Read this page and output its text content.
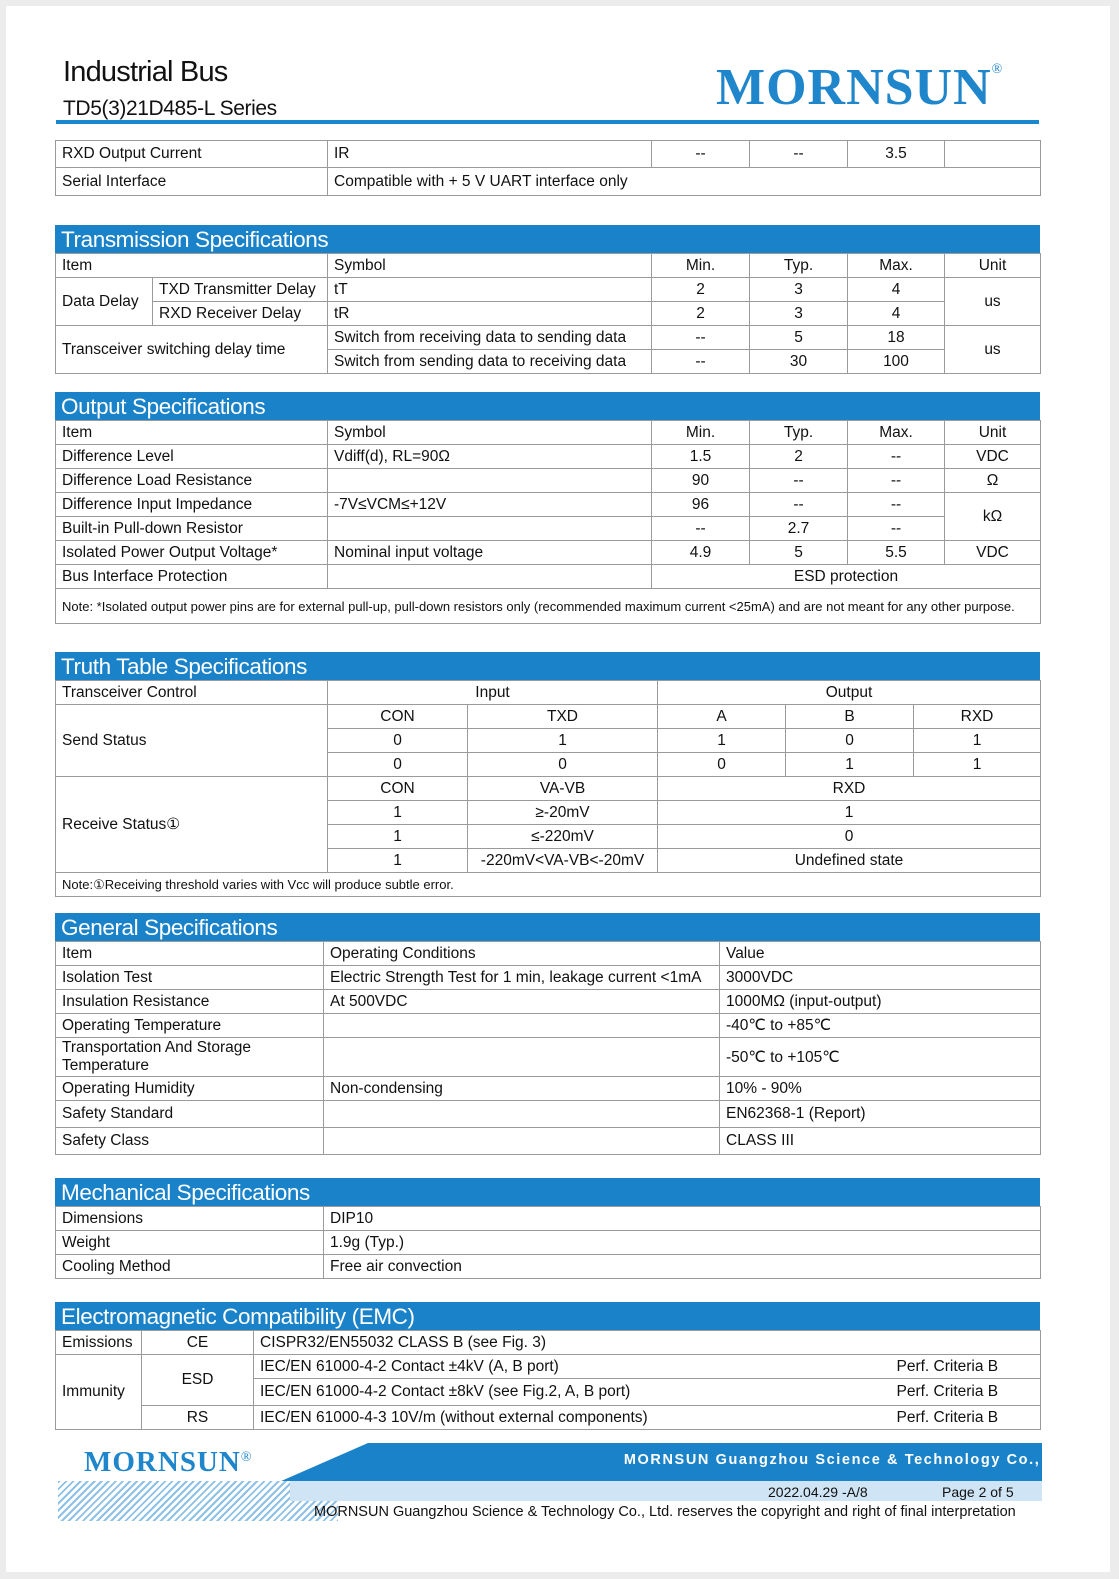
Industrial Bus
TD5(3)21D485-L Series	MORNSUN®
RXD Output Current	IR	--	--	3.5	
Serial Interface	Compatible with + 5 V UART interface only				
Transmission Specifications
Item		Symbol	Min.	Typ.	Max.	Unit
Data Delay	TXD Transmitter Delay	tT	2	3	4	us
	RXD Receiver Delay	tR	2	3	4	
Transceiver switching delay time		Switch from receiving data to sending data	--	5	18	us
		Switch from sending data to receiving data	--	30	100	
Output Specifications
Item	Symbol	Min.	Typ.	Max.	Unit
Difference Level	Vdiff(d), RL=90Ω	1.5	2	--	VDC
Difference Load Resistance		90	--	--	Ω
Difference Input Impedance	-7V≤VCM≤+12V	96	--	--	kΩ
Built-in Pull-down Resistor		--	2.7	--	
Isolated Power Output Voltage*	Nominal input voltage	4.9	5	5.5	VDC
Bus Interface Protection		ESD protection			
Note: *Isolated output power pins are for external pull-up, pull-down resistors only (recommended maximum current <25mA) and are not meant for any other purpose.					
Truth Table Specifications
Transceiver Control	Input		Output		
Send Status	CON	TXD	A	B	RXD
	0	1	1	0	1
	0	0	0	1	1
Receive Status①	CON	VA-VB	RXD		
	1	≥-20mV	1		
	1	≤-220mV	0		
	1	-220mV<VA-VB<-20mV	Undefined state		
Note:①Receiving threshold varies with Vcc will produce subtle error.					
General Specifications
Item	Operating Conditions	Value
Isolation Test	Electric Strength Test for 1 min, leakage current <1mA	3000VDC
Insulation Resistance	At 500VDC	1000MΩ (input-output)
Operating Temperature		-40℃ to +85℃
Transportation And Storage Temperature		-50℃ to +105℃
Operating Humidity	Non-condensing	10% - 90%
Safety Standard		EN62368-1 (Report)
Safety Class		CLASS III
Mechanical Specifications
Dimensions	DIP10
Weight	1.9g (Typ.)
Cooling Method	Free air convection
Electromagnetic Compatibility (EMC)
Emissions	CE	CISPR32/EN55032 CLASS B (see Fig. 3)	
Immunity	ESD	IEC/EN 61000-4-2 Contact ±4kV (A, B port)	Perf. Criteria B
		IEC/EN 61000-4-2 Contact ±8kV (see Fig.2, A, B port)	Perf. Criteria B
	RS	IEC/EN 61000-4-3 10V/m (without external components)	Perf. Criteria B
MORNSUN Guangzhou Science & Technology Co., Ltd.
MORNSUN®
2022.04.29 -A/8	Page 2 of 5
MORNSUN Guangzhou Science & Technology Co., Ltd. reserves the copyright and right of final interpretation
